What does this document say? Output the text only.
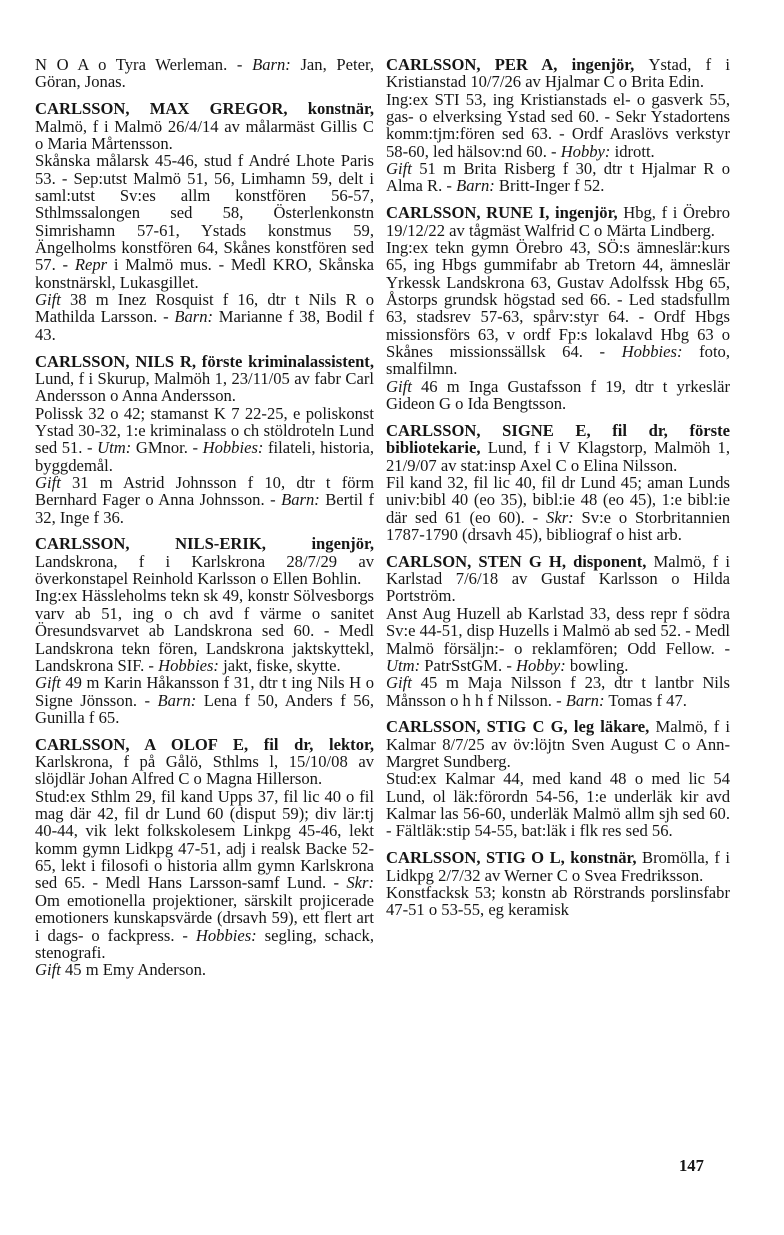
N O A o Tyra Werleman. - Barn: Jan, Peter, Göran, Jonas.
CARLSSON, MAX GREGOR, konstnär, Malmö, f i Malmö 26/4/14 av målarmäst Gillis C o Maria Mårtensson.
Skånska målarsk 45-46, stud f André Lhote Paris 53. - Sep:utst Malmö 51, 56, Limhamn 59, delt i saml:utst Sv:es allm konstfören 56-57, Sthlmssalongen sed 58, Österlenkonstn Simrishamn 57-61, Ystads konstmus 59, Ängelholms konstfören 64, Skånes konstfören sed 57. - Repr i Malmö mus. - Medl KRO, Skånska konstnärskl, Lukasgillet.
Gift 38 m Inez Rosquist f 16, dtr t Nils R o Mathilda Larsson. - Barn: Marianne f 38, Bodil f 43.
CARLSSON, NILS R, förste kriminalassistent, Lund, f i Skurup, Malmöh 1, 23/11/05 av fabr Carl Andersson o Anna Andersson.
Polissk 32 o 42; stamanst K 7 22-25, e poliskonst Ystad 30-32, 1:e kriminalass o ch stöldroteln Lund sed 51. - Utm: GMnor. - Hobbies: filateli, historia, byggdemål.
Gift 31 m Astrid Johnsson f 10, dtr t förm Bernhard Fager o Anna Johnsson. - Barn: Bertil f 32, Inge f 36.
CARLSSON, NILS-ERIK, ingenjör, Landskrona, f i Karlskrona 28/7/29 av överkonstapel Reinhold Karlsson o Ellen Bohlin.
Ing:ex Hässleholms tekn sk 49, konstr Sölvesborgs varv ab 51, ing o ch avd f värme o sanitet Öresundsvarvet ab Landskrona sed 60. - Medl Landskrona tekn fören, Landskrona jaktskyttekl, Landskrona SIF. - Hobbies: jakt, fiske, skytte.
Gift 49 m Karin Håkansson f 31, dtr t ing Nils H o Signe Jönsson. - Barn: Lena f 50, Anders f 56, Gunilla f 65.
CARLSSON, A OLOF E, fil dr, lektor, Karlskrona, f på Gålö, Sthlms l, 15/10/08 av slöjdlär Johan Alfred C o Magna Hillerson.
Stud:ex Sthlm 29, fil kand Upps 37, fil lic 40 o fil mag där 42, fil dr Lund 60 (disput 59); div lär:tj 40-44, vik lekt folkskolesem Linkpg 45-46, lekt komm gymn Lidkpg 47-51, adj i realsk Backe 52-65, lekt i filosofi o historia allm gymn Karlskrona sed 65. - Medl Hans Larsson-samf Lund. - Skr: Om emotionella projektioner, särskilt projicerade emotioners kunskapsvärde (drsavh 59), ett flert art i dags- o fackpress. - Hobbies: segling, schack, stenografi.
Gift 45 m Emy Anderson.
CARLSSON, PER A, ingenjör, Ystad, f i Kristianstad 10/7/26 av Hjalmar C o Brita Edin.
Ing:ex STI 53, ing Kristianstads el- o gasverk 55, gas- o elverksing Ystad sed 60. - Sekr Ystadortens komm:tjm:fören sed 63. - Ordf Araslövs verkstyr 58-60, led hälsov:nd 60. - Hobby: idrott.
Gift 51 m Brita Risberg f 30, dtr t Hjalmar R o Alma R. - Barn: Britt-Inger f 52.
CARLSSON, RUNE I, ingenjör, Hbg, f i Örebro 19/12/22 av tågmäst Walfrid C o Märta Lindberg.
Ing:ex tekn gymn Örebro 43, SÖ:s ämneslär:kurs 65, ing Hbgs gummifabr ab Tretorn 44, ämneslär Yrkessk Landskrona 63, Gustav Adolfssk Hbg 65, Åstorps grundsk högstad sed 66. - Led stadsfullm 63, stadsrev 57-63, spårv:styr 64. - Ordf Hbgs missionsförs 63, v ordf Fp:s lokalavd Hbg 63 o Skånes missionssällsk 64. - Hobbies: foto, smalfilmn.
Gift 46 m Inga Gustafsson f 19, dtr t yrkeslär Gideon G o Ida Bengtsson.
CARLSSON, SIGNE E, fil dr, förste bibliotekarie, Lund, f i V Klagstorp, Malmöh 1, 21/9/07 av stat:insp Axel C o Elina Nilsson.
Fil kand 32, fil lic 40, fil dr Lund 45; aman Lunds univ:bibl 40 (eo 35), bibl:ie 48 (eo 45), 1:e bibl:ie där sed 61 (eo 60). - Skr: Sv:e o Storbritannien 1787-1790 (drsavh 45), bibliograf o hist arb.
CARLSON, STEN G H, disponent, Malmö, f i Karlstad 7/6/18 av Gustaf Karlsson o Hilda Portström.
Anst Aug Huzell ab Karlstad 33, dess repr f södra Sv:e 44-51, disp Huzells i Malmö ab sed 52. - Medl Malmö försäljn:- o reklamfören; Odd Fellow. - Utm: PatrSstGM. - Hobby: bowling.
Gift 45 m Maja Nilsson f 23, dtr t lantbr Nils Månsson o h h f Nilsson. - Barn: Tomas f 47.
CARLSSON, STIG C G, leg läkare, Malmö, f i Kalmar 8/7/25 av öv:löjtn Sven August C o Ann-Margret Sundberg.
Stud:ex Kalmar 44, med kand 48 o med lic 54 Lund, ol läk:förordn 54-56, 1:e underläk kir avd Kalmar las 56-60, underläk Malmö allm sjh sed 60. - Fältläk:stip 54-55, bat:läk i flk res sed 56.
CARLSSON, STIG O L, konstnär, Bromölla, f i Lidkpg 2/7/32 av Werner C o Svea Fredriksson.
Konstfacksk 53; konstn ab Rörstrands porslinsfabr 47-51 o 53-55, eg keramisk
147
